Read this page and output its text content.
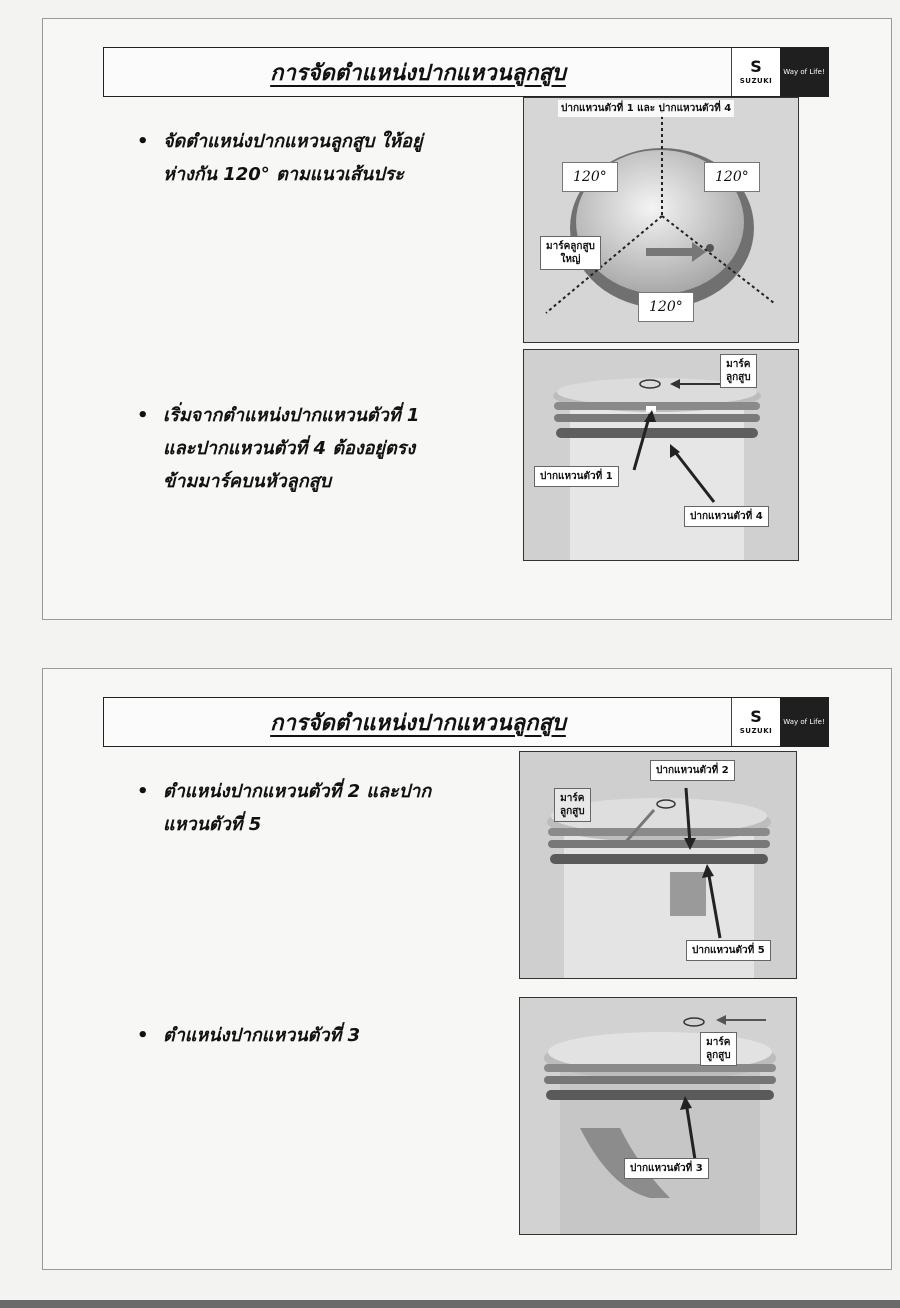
การจัดตำแหน่งปากแหวนลูกสูบ	S
SUZUKI
Way of Life!
• จัดตำแหน่งปากแหวนลูกสูบ ให้อยู่
ห่างกัน 120° ตามแนวเส้นประ
• เริ่มจากตำแหน่งปากแหวนตัวที่ 1
และปากแหวนตัวที่ 4 ต้องอยู่ตรง
ข้ามมาร์คบนหัวลูกสูบ
ปากแหวนตัวที่ 1 และ ปากแหวนตัวที่ 4
120°	120°
120°
มาร์คลูกสูบ
ใหญ่
มาร์ค
ลูกสูบ
ปากแหวนตัวที่ 1
ปากแหวนตัวที่ 4
การจัดตำแหน่งปากแหวนลูกสูบ	S
SUZUKI
Way of Life!
• ตำแหน่งปากแหวนตัวที่ 2 และปาก
แหวนตัวที่ 5
• ตำแหน่งปากแหวนตัวที่ 3
ปากแหวนตัวที่ 2
มาร์ค
ลูกสูบ
ปากแหวนตัวที่ 5
มาร์ค
ลูกสูบ
ปากแหวนตัวที่ 3
